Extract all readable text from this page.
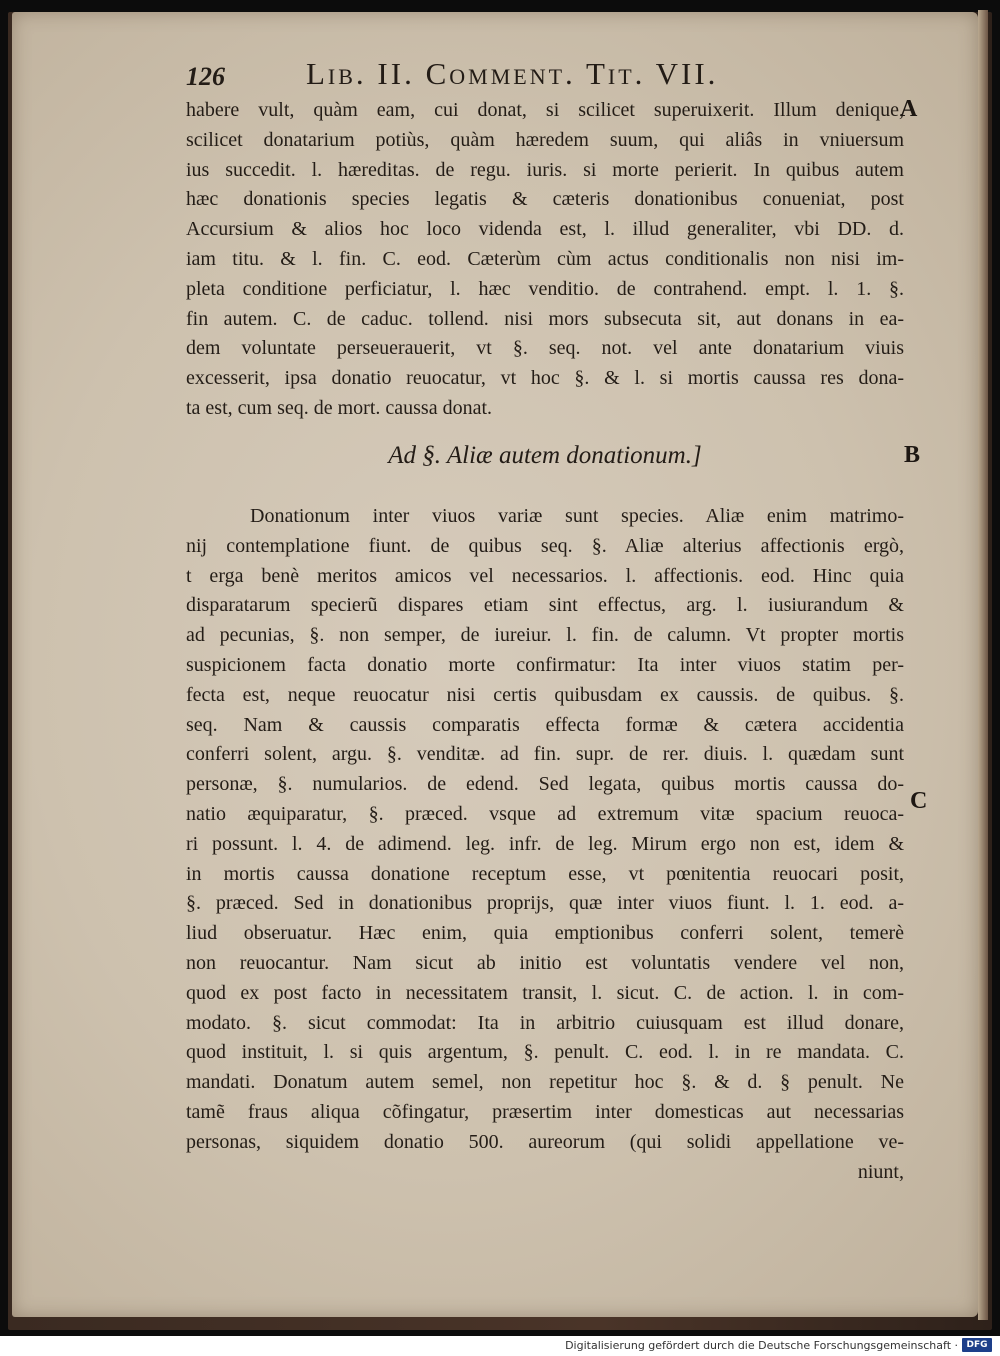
126	Lib. II. Comment. Tit. VII.
habere vult, quàm eam, cui donat, si scilicet superuixerit. Illum denique,
scilicet donatarium potiùs, quàm hæredem suum, qui aliâs in vniuersum
ius succedit. l. hæreditas. de regu. iuris. si morte perierit. In quibus autem
hæc donationis species legatis & cæteris donationibus conueniat, post
Accursium & alios hoc loco videnda est, l. illud generaliter, vbi DD. d.
iam titu. & l. fin. C. eod. Cæterùm cùm actus conditionalis non nisi im-
pleta conditione perficiatur, l. hæc venditio. de contrahend. empt. l. 1. §.
fin autem. C. de caduc. tollend. nisi mors subsecuta sit, aut donans in ea-
dem voluntate perseuerauerit, vt §. seq. not. vel ante donatarium viuis
excesserit, ipsa donatio reuocatur, vt hoc §. & l. si mortis caussa res dona-
ta est, cum seq. de mort. caussa donat.
Ad §. Aliæ autem donationum.]
Donationum inter viuos variæ sunt species. Aliæ enim matrimo-
nij contemplatione fiunt. de quibus seq. §. Aliæ alterius affectionis ergò,
t erga benè meritos amicos vel necessarios. l. affectionis. eod. Hinc quia
disparatarum specierũ dispares etiam sint effectus, arg. l. iusiurandum &
ad pecunias, §. non semper, de iureiur. l. fin. de calumn. Vt propter mortis
suspicionem facta donatio morte confirmatur: Ita inter viuos statim per-
fecta est, neque reuocatur nisi certis quibusdam ex caussis. de quibus. §.
seq. Nam & caussis comparatis effecta formæ & cætera accidentia
conferri solent, argu. §. venditæ. ad fin. supr. de rer. diuis. l. quædam sunt
personæ, §. numularios. de edend. Sed legata, quibus mortis caussa do-
natio æquiparatur, §. præced. vsque ad extremum vitæ spacium reuoca-
ri possunt. l. 4. de adimend. leg. infr. de leg. Mirum ergo non est, idem &
in mortis caussa donatione receptum esse, vt pœnitentia reuocari posit,
§. præced. Sed in donationibus proprijs, quæ inter viuos fiunt. l. 1. eod. a-
liud obseruatur. Hæc enim, quia emptionibus conferri solent, temerè
non reuocantur. Nam sicut ab initio est voluntatis vendere vel non,
quod ex post facto in necessitatem transit, l. sicut. C. de action. l. in com-
modato. §. sicut commodat: Ita in arbitrio cuiusquam est illud donare,
quod instituit, l. si quis argentum, §. penult. C. eod. l. in re mandata. C.
mandati. Donatum autem semel, non repetitur hoc §. & d. § penult. Ne
tamẽ fraus aliqua cõfingatur, præsertim inter domesticas aut necessarias
personas, siquidem donatio 500. aureorum (qui solidi appellatione ve-
niunt,
A
B
C
Digitalisierung gefördert durch die Deutsche Forschungsgemeinschaft · DFG
